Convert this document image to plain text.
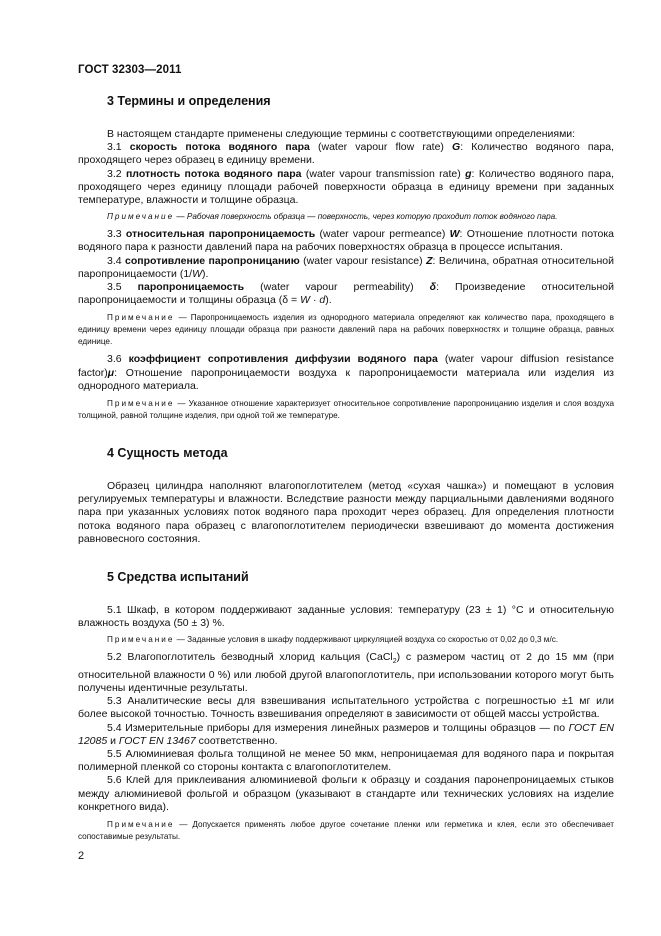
ГОСТ 32303—2011
3 Термины и определения

В настоящем стандарте применены следующие термины с соответствующими определениями:

3.1 скорость потока водяного пара (water vapour flow rate) G: Количество водяного пара, проходящего через образец в единицу времени.

3.2 плотность потока водяного пара (water vapour transmission rate) g: Количество водяного пара, проходящего через единицу площади рабочей поверхности образца в единицу времени при заданных температуре, влажности и толщине образца.

Примечание — Рабочая поверхность образца — поверхность, через которую проходит поток водяного пара.

3.3 относительная паропроницаемость (water vapour permeance) W: Отношение плотности потока водяного пара к разности давлений пара на рабочих поверхностях образца в процессе испытания.

3.4 сопротивление паропроницанию (water vapour resistance) Z: Величина, обратная относительной паропроницаемости (1/W).

3.5 паропроницаемость (water vapour permeability) δ: Произведение относительной паропроницаемости и толщины образца (δ = W · d).

Примечание — Паропроницаемость изделия из однородного материала определяют как количество пара, проходящего в единицу времени через единицу площади образца при разности давлений пара на рабочих поверхностях и толщине образца, равных единице.

3.6 коэффициент сопротивления диффузии водяного пара (water vapour diffusion resistance factor)μ: Отношение паропроницаемости воздуха к паропроницаемости материала или изделия из однородного материала.

Примечание — Указанное отношение характеризует относительное сопротивление паропроницанию изделия и слоя воздуха толщиной, равной толщине изделия, при одной той же температуре.

4 Сущность метода

Образец цилиндра наполняют влагопоглотителем (метод «сухая чашка») и помещают в условия регулируемых температуры и влажности. Вследствие разности между парциальными давлениями водяного пара при указанных условиях поток водяного пара проходит через образец. Для определения плотности потока водяного пара образец с влагопоглотителем периодически взвешивают до момента достижения равновесного состояния.

5 Средства испытаний

5.1 Шкаф, в котором поддерживают заданные условия: температуру (23 ± 1) °С и относительную влажность воздуха (50 ± 3) %.

Примечание — Заданные условия в шкафу поддерживают циркуляцией воздуха со скоростью от 0,02 до 0,3 м/с.

5.2 Влагопоглотитель безводный хлорид кальция (CaCl$_2$) с размером частиц от 2 до 15 мм (при относительной влажности 0 %) или любой другой влагопоглотитель, при использовании которого могут быть получены идентичные результаты.

5.3 Аналитические весы для взвешивания испытательного устройства с погрешностью ±1 мг или более высокой точностью. Точность взвешивания определяют в зависимости от общей массы устройства.

5.4 Измерительные приборы для измерения линейных размеров и толщины образцов — по ГОСТ EN 12085 и ГОСТ EN 13467 соответственно.

5.5 Алюминиевая фольга толщиной не менее 50 мкм, непроницаемая для водяного пара и покрытая полимерной пленкой со стороны контакта с влагопоглотителем.

5.6 Клей для приклеивания алюминиевой фольги к образцу и создания паронепроницаемых стыков между алюминиевой фольгой и образцом (указывают в стандарте или технических условиях на изделие конкретного вида).

Примечание — Допускается применять любое другое сочетание пленки или герметика и клея, если это обеспечивает сопоставимые результаты.

2
